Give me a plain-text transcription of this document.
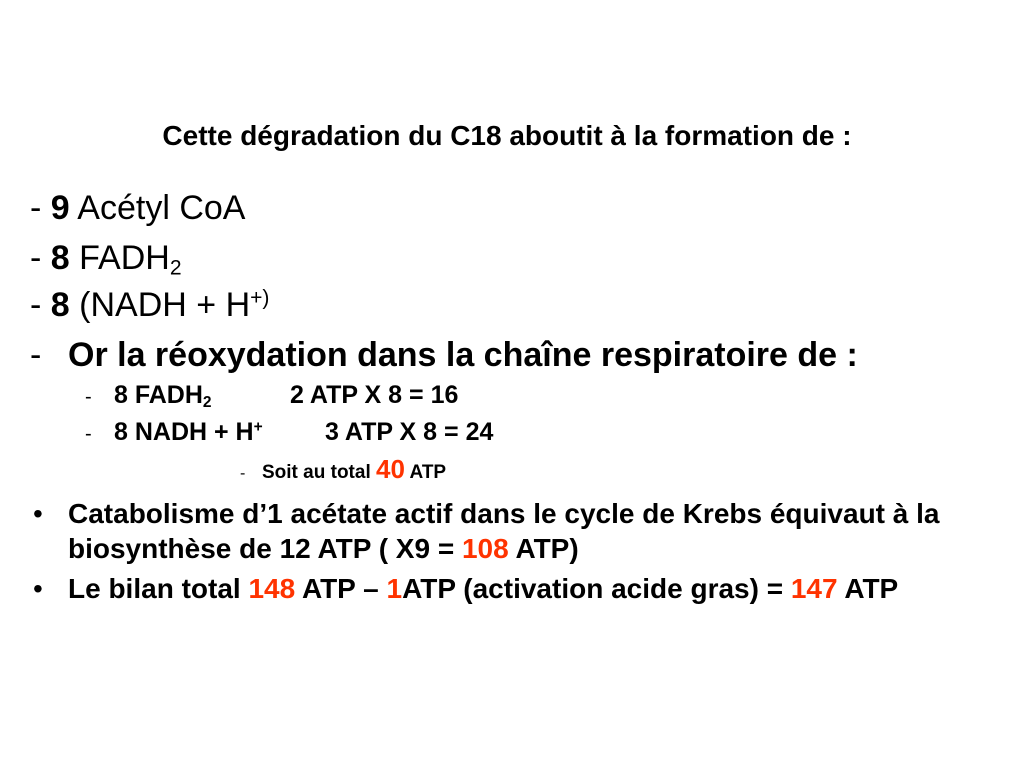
Cette dégradation du C18 aboutit à la formation de :
- 9 Acétyl CoA
- 8 $FADH_2$
- 8 (NADH + H+)
- Or la réoxydation dans la chaîne respiratoire de :
- 8 $FADH_2$	2 ATP X 8 = 16
- 8 NADH + H+ 3 ATP X 8 = 24
- Soit au total 40 ATP
• Catabolisme d’1 acétate actif dans le cycle de Krebs équivaut à la
biosynthèse de 12 ATP ( X9 = 108 ATP)
• Le bilan total 148 ATP – 1ATP (activation acide gras) = 147 ATP
